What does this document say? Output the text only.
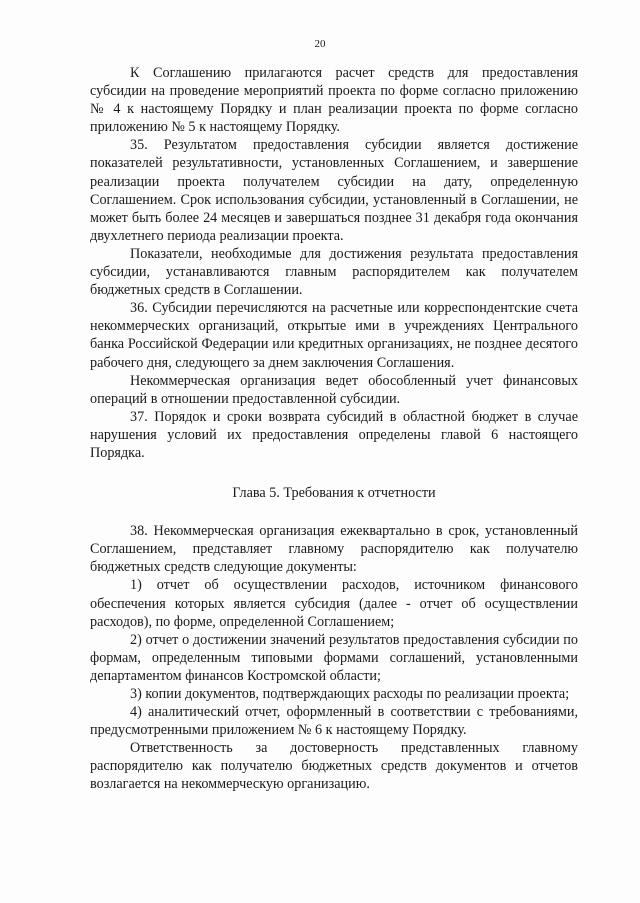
20

К Соглашению прилагаются расчет средств для предоставления субсидии на проведение мероприятий проекта по форме согласно приложению № 4 к настоящему Порядку и план реализации проекта по форме согласно приложению № 5 к настоящему Порядку.

35. Результатом предоставления субсидии является достижение показателей результативности, установленных Соглашением, и завершение реализации проекта получателем субсидии на дату, определенную Соглашением. Срок использования субсидии, установленный в Соглашении, не может быть более 24 месяцев и завершаться позднее 31 декабря года окончания двухлетнего периода реализации проекта.

Показатели, необходимые для достижения результата предоставления субсидии, устанавливаются главным распорядителем как получателем бюджетных средств в Соглашении.

36. Субсидии перечисляются на расчетные или корреспондентские счета некоммерческих организаций, открытые ими в учреждениях Центрального банка Российской Федерации или кредитных организациях, не позднее десятого рабочего дня, следующего за днем заключения Соглашения.

Некоммерческая организация ведет обособленный учет финансовых операций в отношении предоставленной субсидии.

37. Порядок и сроки возврата субсидий в областной бюджет в случае нарушения условий их предоставления определены главой 6 настоящего Порядка.

Глава 5. Требования к отчетности

38. Некоммерческая организация ежеквартально в срок, установленный Соглашением, представляет главному распорядителю как получателю бюджетных средств следующие документы:

1) отчет об осуществлении расходов, источником финансового обеспечения которых является субсидия (далее - отчет об осуществлении расходов), по форме, определенной Соглашением;

2) отчет о достижении значений результатов предоставления субсидии по формам, определенным типовыми формами соглашений, установленными департаментом финансов Костромской области;

3) копии документов, подтверждающих расходы по реализации проекта;

4) аналитический отчет, оформленный в соответствии с требованиями, предусмотренными приложением № 6 к настоящему Порядку.

Ответственность за достоверность представленных главному распорядителю как получателю бюджетных средств документов и отчетов возлагается на некоммерческую организацию.
